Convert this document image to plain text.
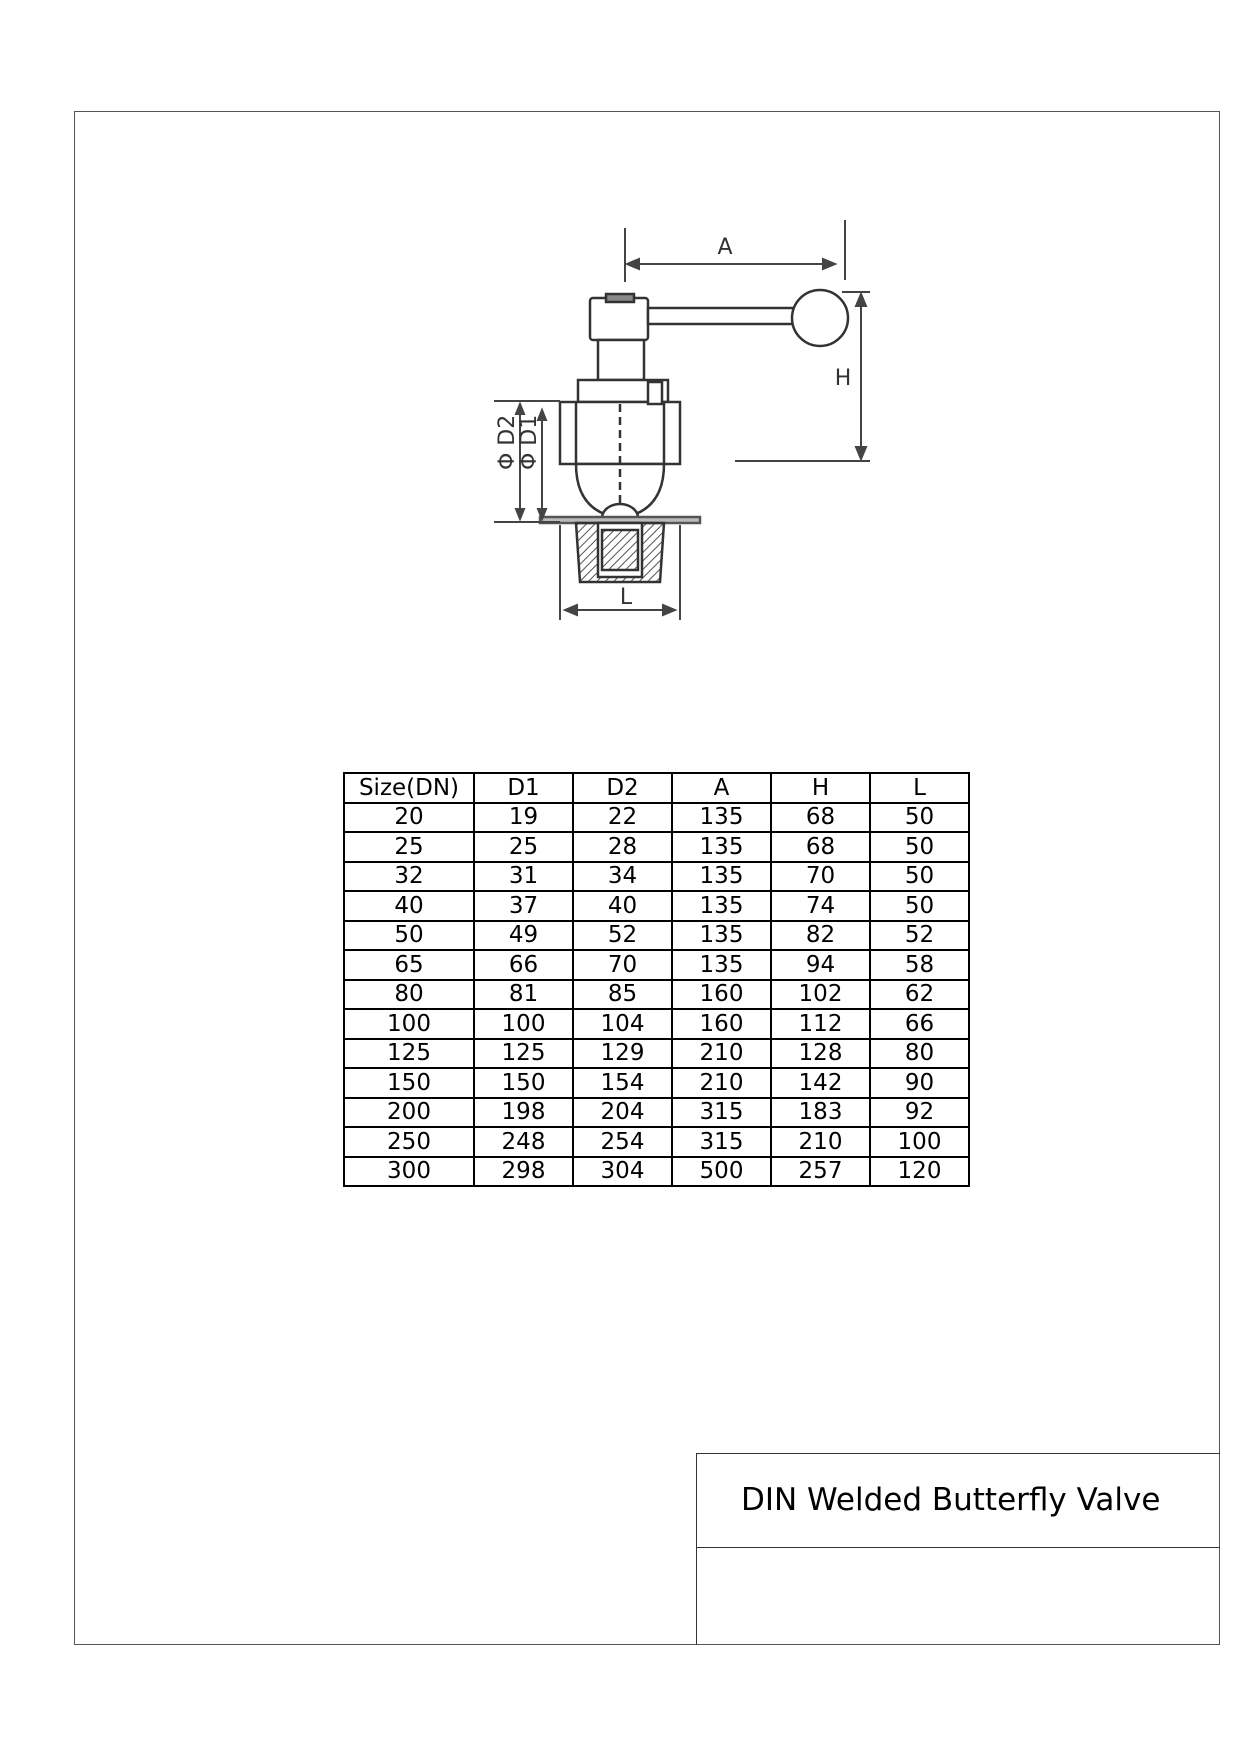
A
H
Φ D2
Φ D1
L
Size(DN)	D1	D2	A	H	L
20	19	22	135	68	50
25	25	28	135	68	50
32	31	34	135	70	50
40	37	40	135	74	50
50	49	52	135	82	52
65	66	70	135	94	58
80	81	85	160	102	62
100	100	104	160	112	66
125	125	129	210	128	80
150	150	154	210	142	90
200	198	204	315	183	92
250	248	254	315	210	100
300	298	304	500	257	120
DIN Welded Butterfly Valve
